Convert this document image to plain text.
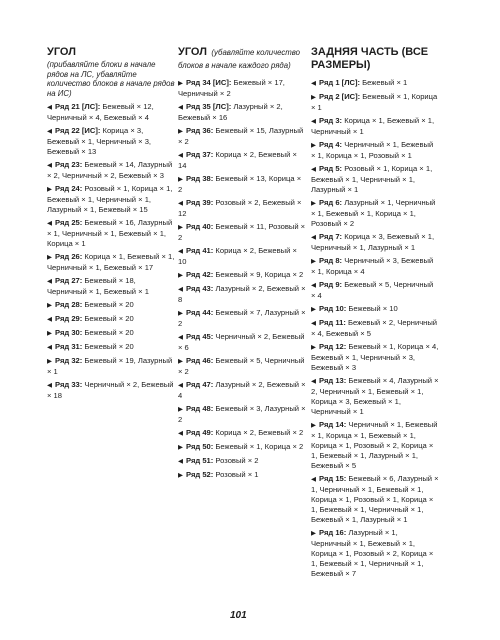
УГОЛ

(прибавляйте блоки в начале рядов на ЛС, убавляйте количество блоков в начале рядов на ИС)

◀ Ряд 21 [ЛС]: Бежевый × 12, Черничный × 4, Бежевый × 4
◀ Ряд 22 [ИС]: Корица × 3, Бежевый × 1, Черничный × 3, Бежевый × 13
◀ Ряд 23: Бежевый × 14, Лазурный × 2, Черничный × 2, Бежевый × 3
▶ Ряд 24: Розовый × 1, Корица × 1, Бежевый × 1, Черничный × 1, Лазурный × 1, Бежевый × 15
◀ Ряд 25: Бежевый × 16, Лазурный × 1, Черничный × 1, Бежевый × 1, Корица × 1
▶ Ряд 26: Корица × 1, Бежевый × 1, Черничный × 1, Бежевый × 17
◀ Ряд 27: Бежевый × 18, Черничный × 1, Бежевый × 1
▶ Ряд 28: Бежевый × 20
◀ Ряд 29: Бежевый × 20
▶ Ряд 30: Бежевый × 20
◀ Ряд 31: Бежевый × 20
▶ Ряд 32: Бежевый × 19, Лазурный × 1
◀ Ряд 33: Черничный × 2, Бежевый × 18

УГОЛ

(убавляйте количество блоков в начале каждого ряда)

▶ Ряд 34 [ИС]: Бежевый × 17, Черничный × 2
◀ Ряд 35 [ЛС]: Лазурный × 2, Бежевый × 16
▶ Ряд 36: Бежевый × 15, Лазурный × 2
◀ Ряд 37: Корица × 2, Бежевый × 14
▶ Ряд 38: Бежевый × 13, Корица × 2
◀ Ряд 39: Розовый × 2, Бежевый × 12
▶ Ряд 40: Бежевый × 11, Розовый × 2
◀ Ряд 41: Корица × 2, Бежевый × 10
▶ Ряд 42: Бежевый × 9, Корица × 2
◀ Ряд 43: Лазурный × 2, Бежевый × 8
▶ Ряд 44: Бежевый × 7, Лазурный × 2
◀ Ряд 45: Черничный × 2, Бежевый × 6
▶ Ряд 46: Бежевый × 5, Черничный × 2
◀ Ряд 47: Лазурный × 2, Бежевый × 4
▶ Ряд 48: Бежевый × 3, Лазурный × 2
◀ Ряд 49: Корица × 2, Бежевый × 2
▶ Ряд 50: Бежевый × 1, Корица × 2
◀ Ряд 51: Розовый × 2
▶ Ряд 52: Розовый × 1

ЗАДНЯЯ ЧАСТЬ (ВСЕ РАЗМЕРЫ)

◀ Ряд 1 [ЛС]: Бежевый × 1
▶ Ряд 2 [ИС]: Бежевый × 1, Корица × 1
◀ Ряд 3: Корица × 1, Бежевый × 1, Черничный × 1
▶ Ряд 4: Черничный × 1, Бежевый × 1, Корица × 1, Розовый × 1
◀ Ряд 5: Розовый × 1, Корица × 1, Бежевый × 1, Черничный × 1, Лазурный × 1
▶ Ряд 6: Лазурный × 1, Черничный × 1, Бежевый × 1, Корица × 1, Розовый × 2
◀ Ряд 7: Корица × 3, Бежевый × 1, Черничный × 1, Лазурный × 1
▶ Ряд 8: Черничный × 3, Бежевый × 1, Корица × 4
◀ Ряд 9: Бежевый × 5, Черничный × 4
▶ Ряд 10: Бежевый × 10
◀ Ряд 11: Бежевый × 2, Черничный × 4, Бежевый × 5
▶ Ряд 12: Бежевый × 1, Корица × 4, Бежевый × 1, Черничный × 3, Бежевый × 3
◀ Ряд 13: Бежевый × 4, Лазурный × 2, Черничный × 1, Бежевый × 1, Корица × 3, Бежевый × 1, Черничный × 1
▶ Ряд 14: Черничный × 1, Бежевый × 1, Корица × 1, Бежевый × 1, Корица × 1, Розовый × 2, Корица × 1, Бежевый × 1, Лазурный × 1, Бежевый × 5
◀ Ряд 15: Бежевый × 6, Лазурный × 1, Черничный × 1, Бежевый × 1, Корица × 1, Розовый × 1, Корица × 1, Бежевый × 1, Черничный × 1, Бежевый × 1, Лазурный × 1
▶ Ряд 16: Лазурный × 1, Черничный × 1, Бежевый × 1, Корица × 1, Розовый × 2, Корица × 1, Бежевый × 1, Черничный × 1, Бежевый × 7
101
